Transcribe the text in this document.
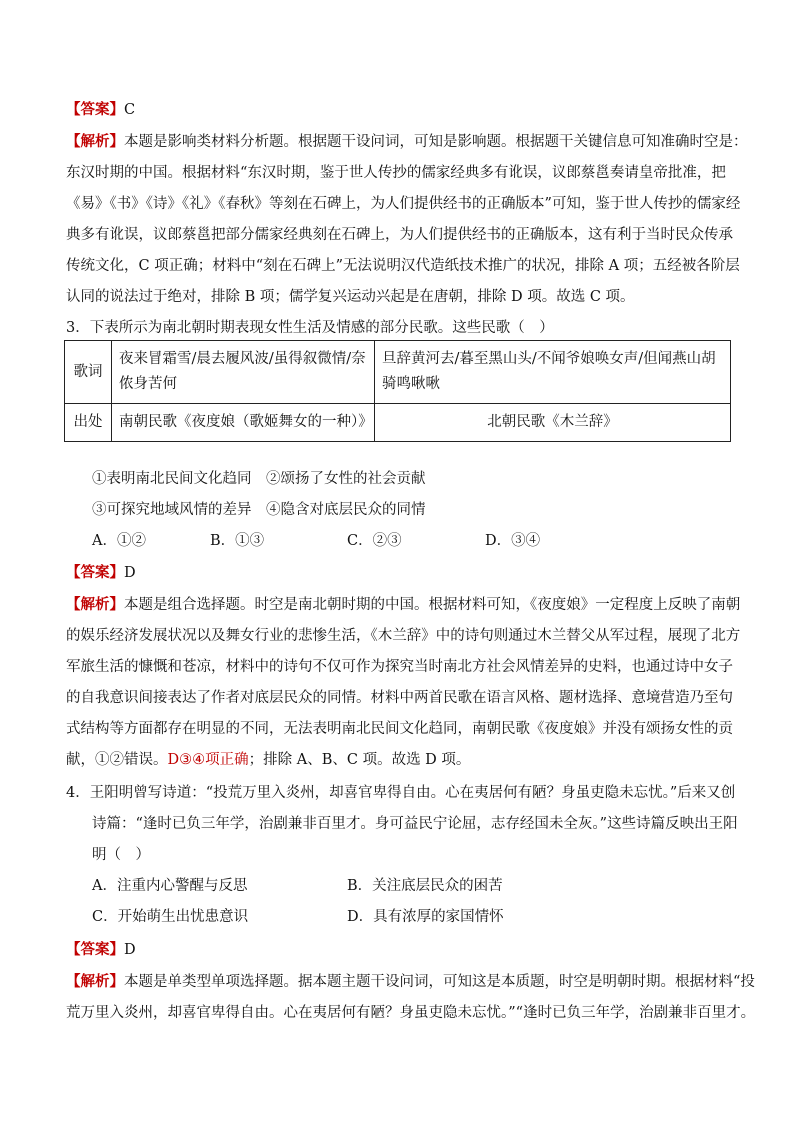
【答案】C
【解析】本题是影响类材料分析题。根据题干设问词，可知是影响题。根据题干关键信息可知准确时空是：
东汉时期的中国。根据材料“东汉时期，鉴于世人传抄的儒家经典多有讹误，议郎蔡邕奏请皇帝批准，把
《易》《书》《诗》《礼》《春秋》等刻在石碑上，为人们提供经书的正确版本”可知，鉴于世人传抄的儒家经
典多有讹误，议郎蔡邕把部分儒家经典刻在石碑上，为人们提供经书的正确版本，这有利于当时民众传承
传统文化，C 项正确；材料中“刻在石碑上”无法说明汉代造纸技术推广的状况，排除 A 项；五经被各阶层
认同的说法过于绝对，排除 B 项；儒学复兴运动兴起是在唐朝，排除 D 项。故选 C 项。
3．下表所示为南北朝时期表现女性生活及情感的部分民歌。这些民歌（　）
歌词	夜来冒霜雪/晨去履风波/虽得叙微情/奈侬身苦何	旦辞黄河去/暮至黑山头/不闻爷娘唤女声/但闻燕山胡骑鸣啾啾
出处	南朝民歌《夜度娘（歌姬舞女的一种）》	北朝民歌《木兰辞》
①表明南北民间文化趋同　②颂扬了女性的社会贡献
③可探究地域风情的差异　④隐含对底层民众的同情
A．①②	B．①③	C．②③	D．③④
【答案】D
【解析】本题是组合选择题。时空是南北朝时期的中国。根据材料可知，《夜度娘》一定程度上反映了南朝
的娱乐经济发展状况以及舞女行业的悲惨生活，《木兰辞》中的诗句则通过木兰替父从军过程，展现了北方
军旅生活的慷慨和苍凉，材料中的诗句不仅可作为探究当时南北方社会风情差异的史料，也通过诗中女子
的自我意识间接表达了作者对底层民众的同情。材料中两首民歌在语言风格、题材选择、意境营造乃至句
式结构等方面都存在明显的不同，无法表明南北民间文化趋同，南朝民歌《夜度娘》并没有颂扬女性的贡
献，①②错误。D③④项正确；排除 A、B、C 项。故选 D 项。
4．王阳明曾写诗道：“投荒万里入炎州，却喜官卑得自由。心在夷居何有陋？身虽吏隐未忘忧。”后来又创
诗篇：“逢时已负三年学，治剧兼非百里才。身可益民宁论屈，志存经国未全灰。”这些诗篇反映出王阳
明（　）
A．注重内心警醒与反思	B．关注底层民众的困苦
C．开始萌生出忧患意识	D．具有浓厚的家国情怀
【答案】D
【解析】本题是单类型单项选择题。据本题主题干设问词，可知这是本质题，时空是明朝时期。根据材料“投
荒万里入炎州，却喜官卑得自由。心在夷居何有陋？身虽吏隐未忘忧。”“逢时已负三年学，治剧兼非百里才。
